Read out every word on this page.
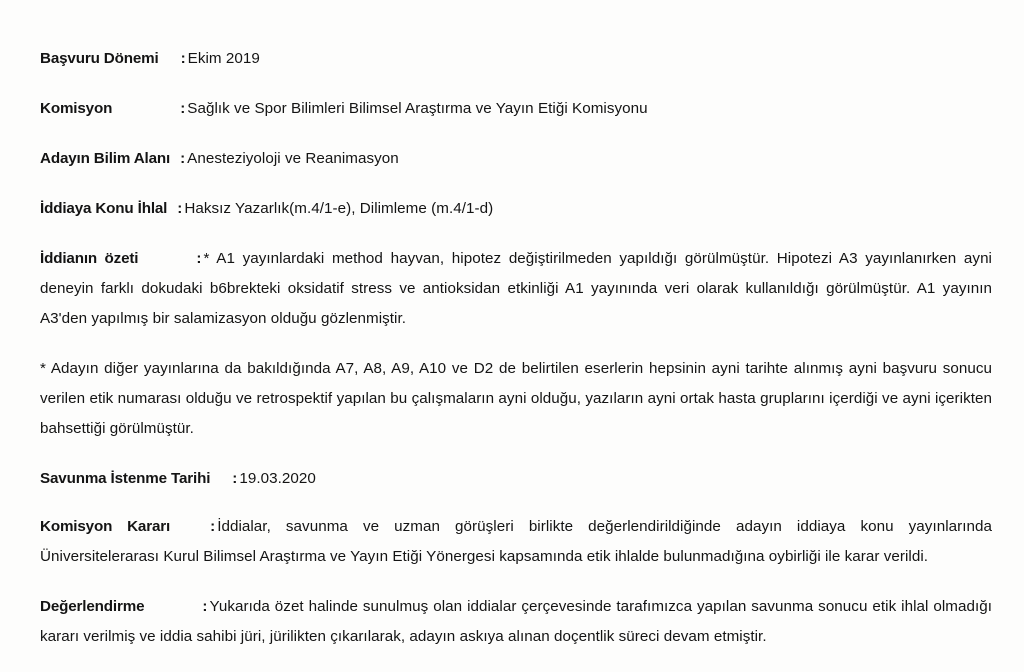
Başvuru Dönemi : Ekim 2019
Komisyon	: Sağlık ve Spor Bilimleri Bilimsel Araştırma ve Yayın Etiği Komisyonu
Adayın Bilim Alanı : Anesteziyoloji ve Reanimasyon
İddiaya Konu İhlal : Haksız Yazarlık(m.4/1-e), Dilimleme (m.4/1-d)
İddianın özeti	: * A1 yayınlardaki method hayvan, hipotez değiştirilmeden yapıldığı görülmüştür. Hipotezi A3 yayınlanırken ayni deneyin farklı dokudaki b6brekteki oksidatif stress ve antioksidan etkinliği A1 yayınında veri olarak kullanıldığı görülmüştür. A1 yayının A3'den yapılmış bir salamizasyon olduğu gözlenmiştir.
* Adayın diğer yayınlarına da bakıldığında A7, A8, A9, A10 ve D2 de belirtilen eserlerin hepsinin ayni tarihte alınmış ayni başvuru sonucu verilen etik numarası olduğu ve retrospektif yapılan bu çalışmaların ayni olduğu, yazıların ayni ortak hasta gruplarını içerdiği ve ayni içerikten bahsettiği görülmüştür.
Savunma İstenme Tarihi : 19.03.2020
Komisyon Kararı	: İddialar, savunma ve uzman görüşleri birlikte değerlendirildiğinde adayın iddiaya konu yayınlarında Üniversitelerarası Kurul Bilimsel Araştırma ve Yayın Etiği Yönergesi kapsamında etik ihlalde bulunmadığına oybirliği ile karar verildi.
Değerlendirme	: Yukarıda özet halinde sunulmuş olan iddialar çerçevesinde tarafımızca yapılan savunma sonucu etik ihlal olmadığı kararı verilmiş ve iddia sahibi jüri, jürilikten çıkarılarak, adayın askıya alınan doçentlik süreci devam etmiştir.
